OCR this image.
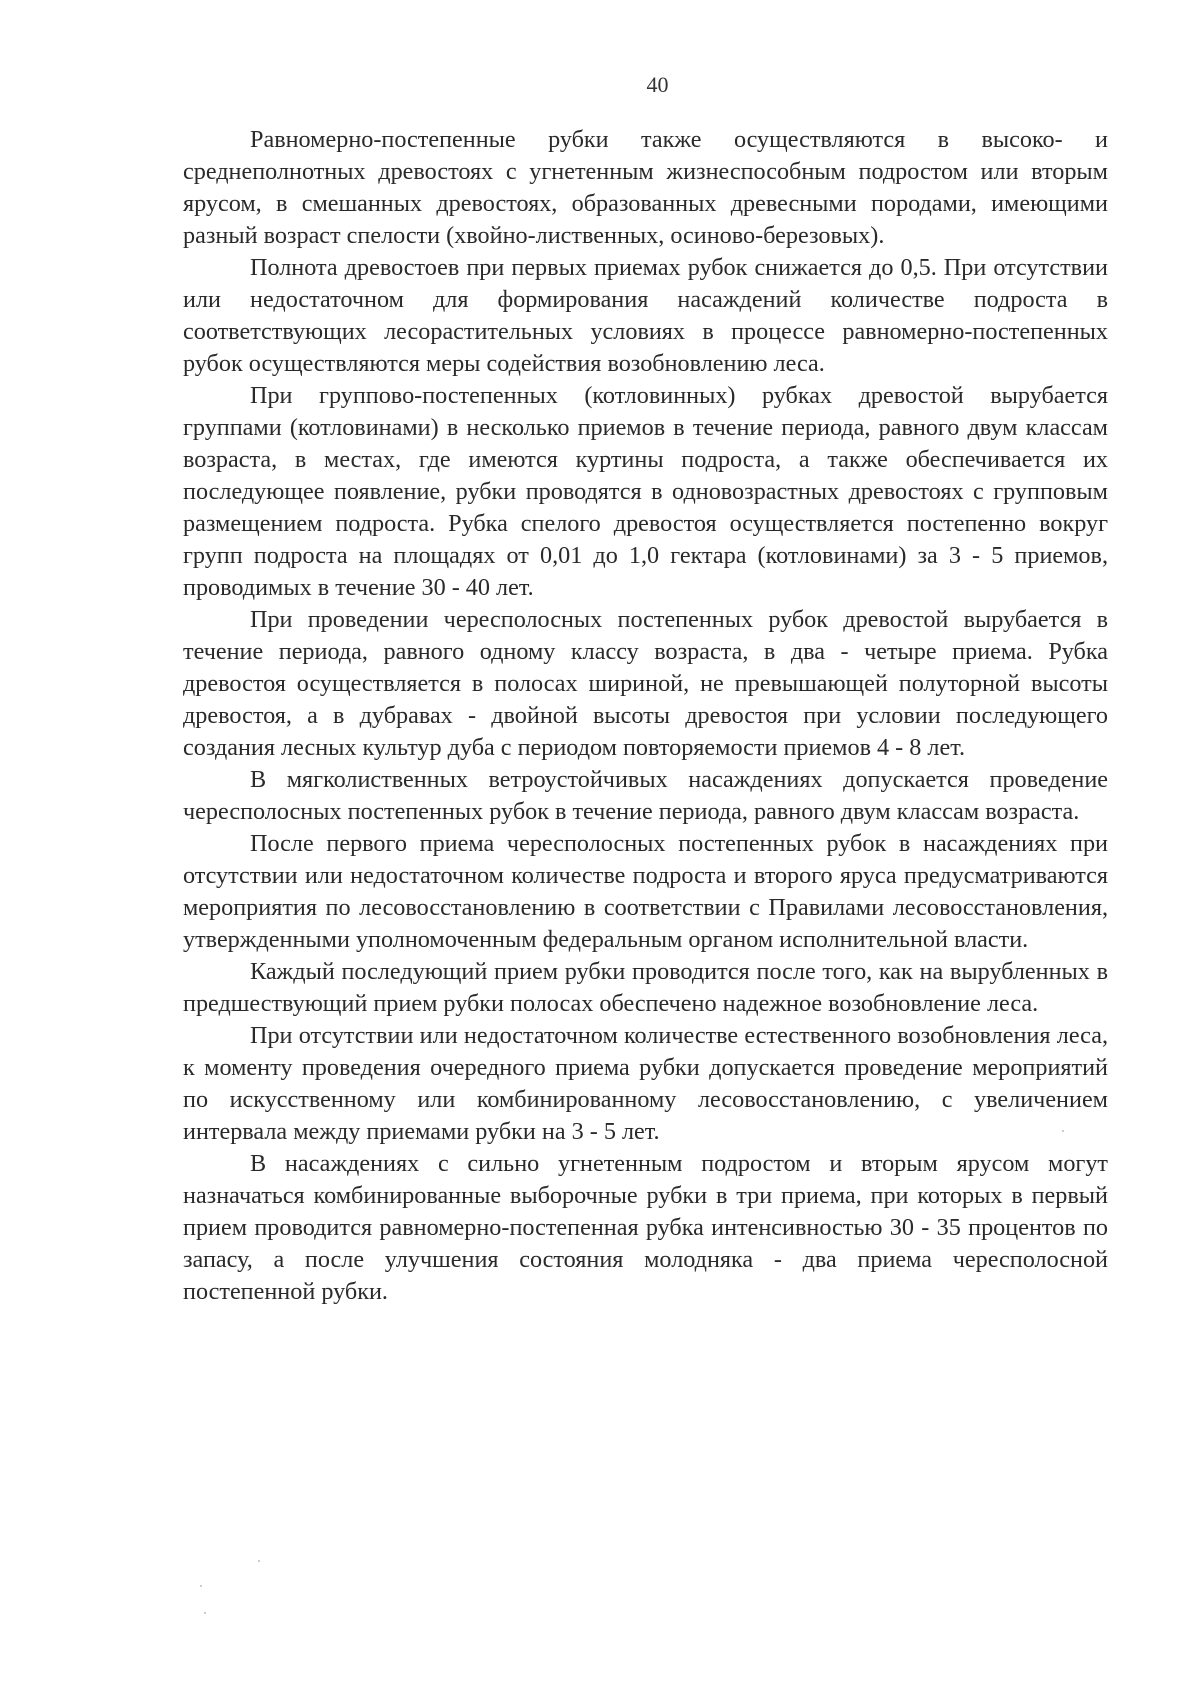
40

Равномерно-постепенные рубки также осуществляются в высоко- и среднеполнотных древостоях с угнетенным жизнеспособным подростом или вторым ярусом, в смешанных древостоях, образованных древесными породами, имеющими разный возраст спелости (хвойно-лиственных, осиново-березовых).

Полнота древостоев при первых приемах рубок снижается до 0,5. При отсутствии или недостаточном для формирования насаждений количестве подроста в соответствующих лесорастительных условиях в процессе равномерно-постепенных рубок осуществляются меры содействия возобновлению леса.

При группово-постепенных (котловинных) рубках древостой вырубается группами (котловинами) в несколько приемов в течение периода, равного двум классам возраста, в местах, где имеются куртины подроста, а также обеспечивается их последующее появление, рубки проводятся в одновозрастных древостоях с групповым размещением подроста. Рубка спелого древостоя осуществляется постепенно вокруг групп подроста на площадях от 0,01 до 1,0 гектара (котловинами) за 3 - 5 приемов, проводимых в течение 30 - 40 лет.

При проведении чересполосных постепенных рубок древостой вырубается в течение периода, равного одному классу возраста, в два - четыре приема. Рубка древостоя осуществляется в полосах шириной, не превышающей полуторной высоты древостоя, а в дубравах - двойной высоты древостоя при условии последующего создания лесных культур дуба с периодом повторяемости приемов 4 - 8 лет.

В мягколиственных ветроустойчивых насаждениях допускается проведение чересполосных постепенных рубок в течение периода, равного двум классам возраста.

После первого приема чересполосных постепенных рубок в насаждениях при отсутствии или недостаточном количестве подроста и второго яруса предусматриваются мероприятия по лесовосстановлению в соответствии с Правилами лесовосстановления, утвержденными уполномоченным федеральным органом исполнительной власти.

Каждый последующий прием рубки проводится после того, как на вырубленных в предшествующий прием рубки полосах обеспечено надежное возобновление леса.

При отсутствии или недостаточном количестве естественного возобновления леса, к моменту проведения очередного приема рубки допускается проведение мероприятий по искусственному или комбинированному лесовосстановлению, с увеличением интервала между приемами рубки на 3 - 5 лет.

В насаждениях с сильно угнетенным подростом и вторым ярусом могут назначаться комбинированные выборочные рубки в три приема, при которых в первый прием проводится равномерно-постепенная рубка интенсивностью 30 - 35 процентов по запасу, а после улучшения состояния молодняка - два приема чересполосной постепенной рубки.
